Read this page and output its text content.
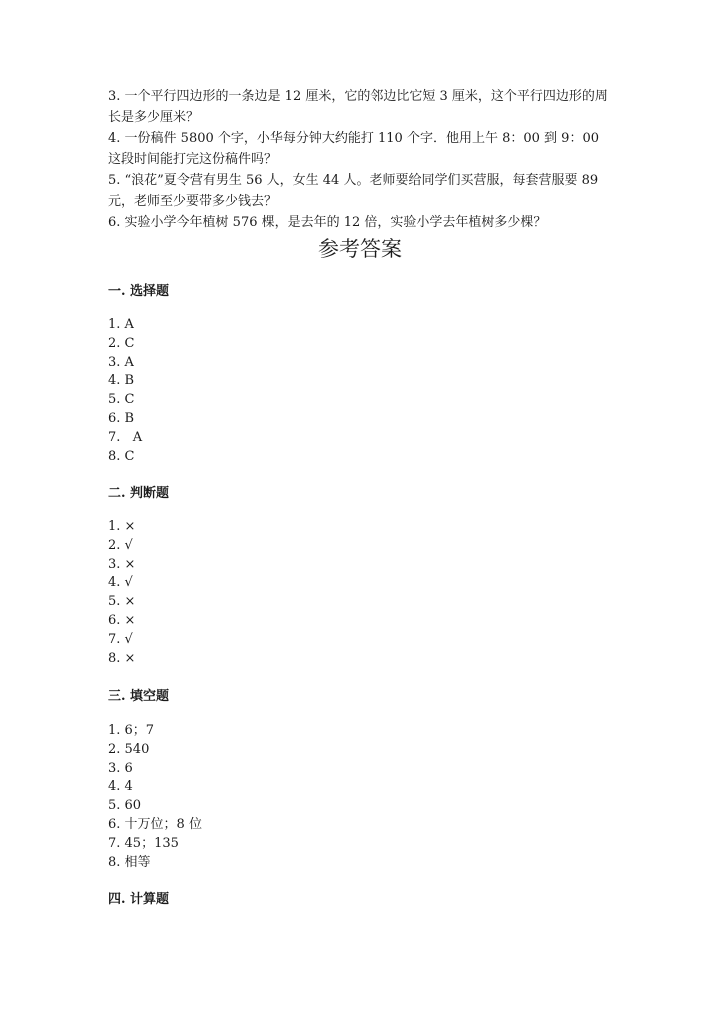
3. 一个平行四边形的一条边是 12 厘米，它的邻边比它短 3 厘米，这个平行四边形的周长是多少厘米？

4. 一份稿件 5800 个字，小华每分钟大约能打 110 个字．他用上午 8：00 到 9：00 这段时间能打完这份稿件吗？

5. “浪花”夏令营有男生 56 人，女生 44 人。老师要给同学们买营服，每套营服要 89 元，老师至少要带多少钱去？

6. 实验小学今年植树 576 棵，是去年的 12 倍，实验小学去年植树多少棵？

参考答案
一. 选择题
1. A
2. C
3. A
4. B
5. C
6. B
7.   A
8. C
二. 判断题
1. ×
2. √
3. ×
4. √
5. ×
6. ×
7. √
8. ×
三. 填空题
1. 6；7
2. 540
3. 6
4. 4
5. 60
6. 十万位；8 位
7. 45；135
8. 相等
四. 计算题
